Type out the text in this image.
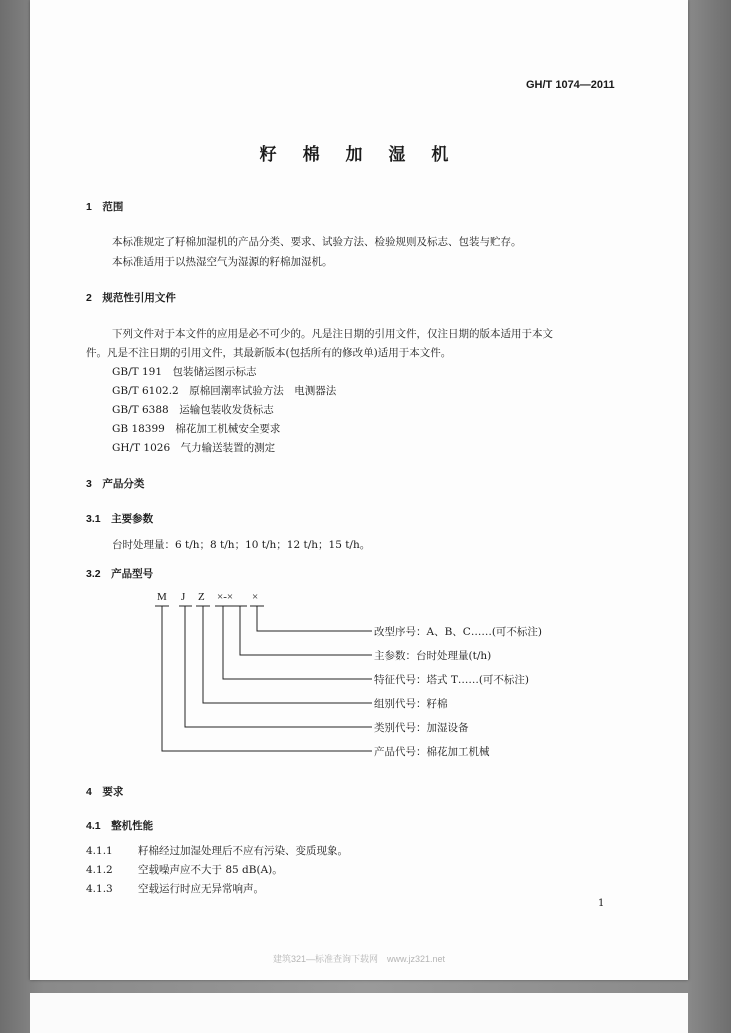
GH/T 1074—2011
籽 棉 加 湿 机
1　范围
本标准规定了籽棉加湿机的产品分类、要求、试验方法、检验规则及标志、包装与贮存。
本标准适用于以热湿空气为湿源的籽棉加湿机。
2　规范性引用文件
下列文件对于本文件的应用是必不可少的。凡是注日期的引用文件，仅注日期的版本适用于本文
件。凡是不注日期的引用文件，其最新版本(包括所有的修改单)适用于本文件。
GB/T 191　包装储运图示标志
GB/T 6102.2　原棉回潮率试验方法　电测器法
GB/T 6388　运输包装收发货标志
GB 18399　棉花加工机械安全要求
GH/T 1026　气力输送装置的测定
3　产品分类
3.1　主要参数
台时处理量：6 t/h；8 t/h；10 t/h；12 t/h；15 t/h。
3.2　产品型号
M J Z ×-× ×
改型序号：A、B、C……(可不标注)
主参数：台时处理量(t/h)
特征代号：塔式 T……(可不标注)
组别代号：籽棉
类别代号：加湿设备
产品代号：棉花加工机械
4　要求
4.1　整机性能
4.1.1 籽棉经过加湿处理后不应有污染、变质现象。
4.1.2 空载噪声应不大于 85 dB(A)。
4.1.3 空载运行时应无异常响声。
1
建筑321—标准查询下载网　www.jz321.net
